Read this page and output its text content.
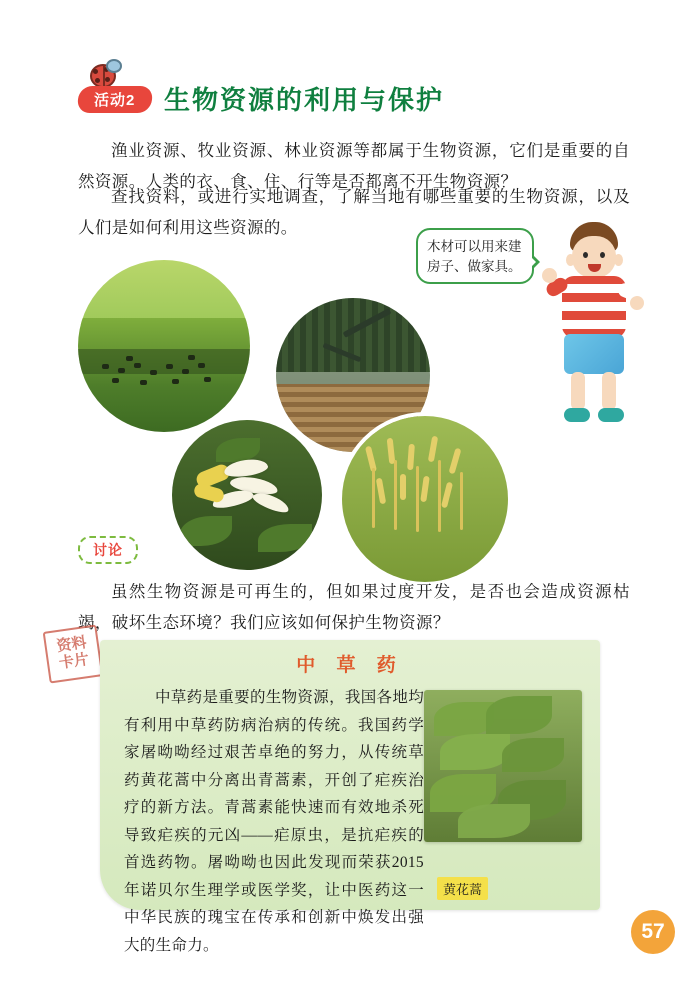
活动2 生物资源的利用与保护
渔业资源、牧业资源、林业资源等都属于生物资源，它们是重要的自然资源。人类的衣、食、住、行等是否都离不开生物资源？
查找资料，或进行实地调查，了解当地有哪些重要的生物资源，以及人们是如何利用这些资源的。
木材可以用来建房子、做家具。
讨论
虽然生物资源是可再生的，但如果过度开发，是否也会造成资源枯竭，破坏生态环境？我们应该如何保护生物资源？
资料 卡片	中 草 药
中草药是重要的生物资源，我国各地均有利用中草药防病治病的传统。我国药学家屠呦呦经过艰苦卓绝的努力，从传统草药黄花蒿中分离出青蒿素，开创了疟疾治疗的新方法。青蒿素能快速而有效地杀死导致疟疾的元凶——疟原虫，是抗疟疾的首选药物。屠呦呦也因此发现而荣获2015年诺贝尔生理学或医学奖，让中医药这一中华民族的瑰宝在传承和创新中焕发出强大的生命力。
黄花蒿
57
